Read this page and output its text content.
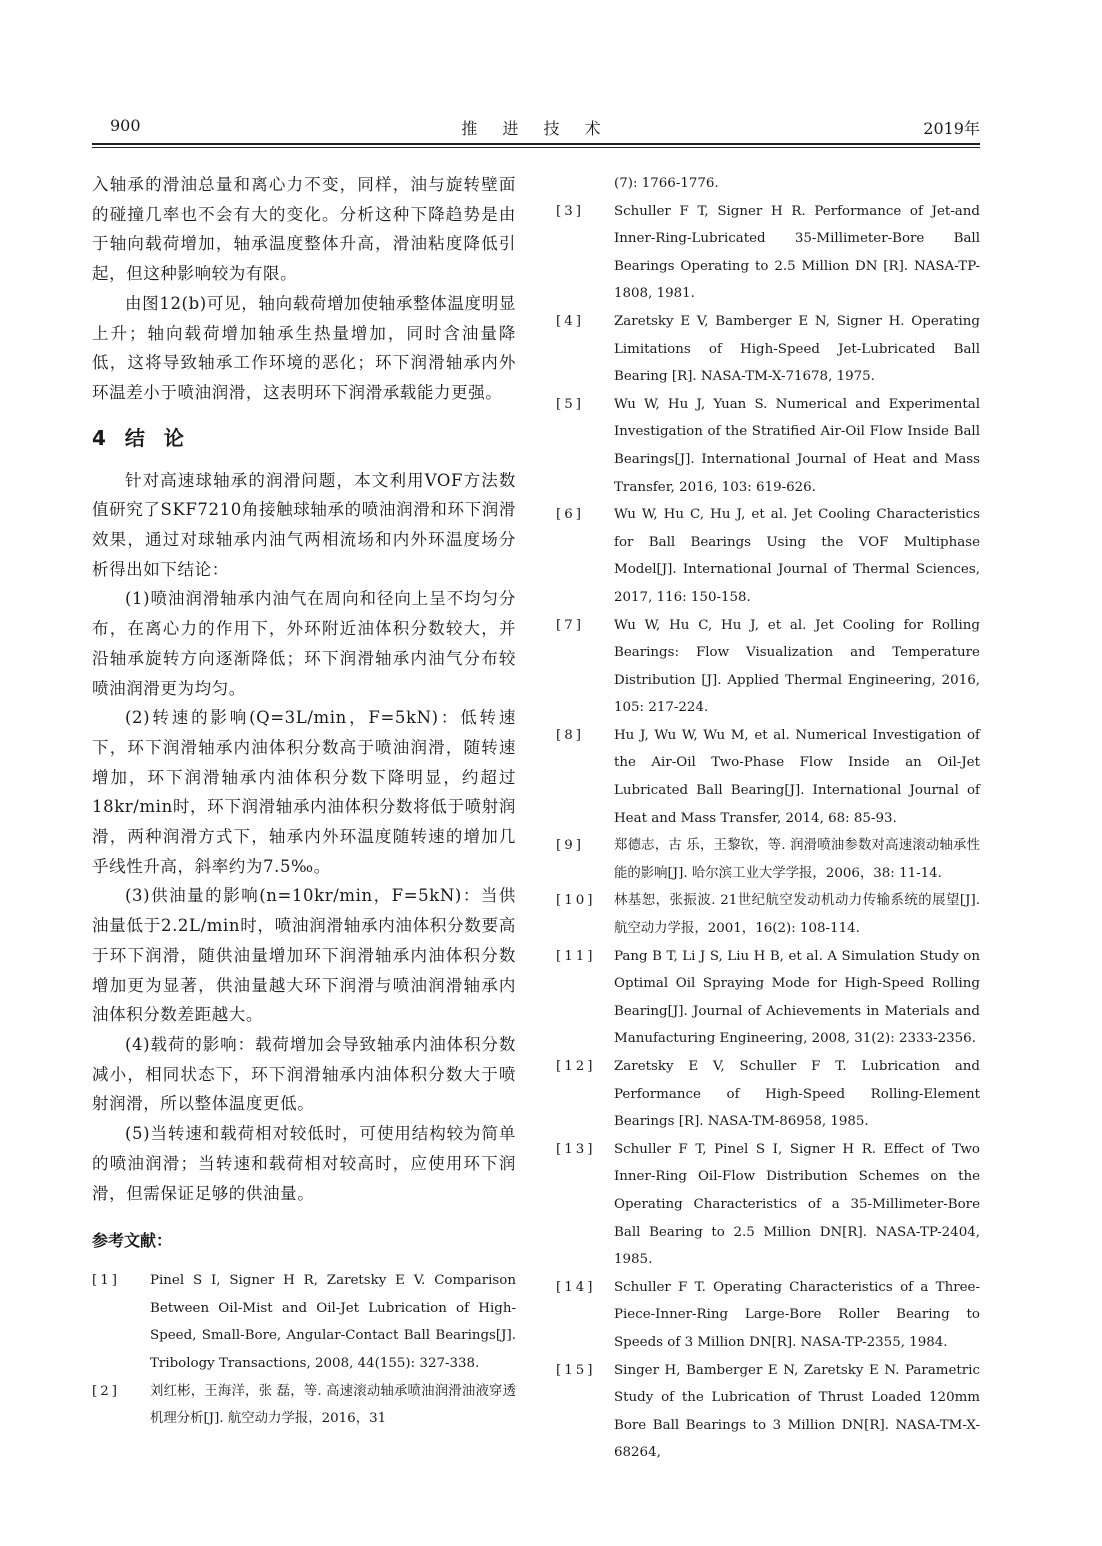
900	推 进 技 术	2019年

入轴承的滑油总量和离心力不变，同样，油与旋转壁面的碰撞几率也不会有大的变化。分析这种下降趋势是由于轴向载荷增加，轴承温度整体升高，滑油粘度降低引起，但这种影响较为有限。

由图12(b)可见，轴向载荷增加使轴承整体温度明显上升；轴向载荷增加轴承生热量增加，同时含油量降低，这将导致轴承工作环境的恶化；环下润滑轴承内外环温差小于喷油润滑，这表明环下润滑承载能力更强。

4 结 论

针对高速球轴承的润滑问题，本文利用VOF方法数值研究了SKF7210角接触球轴承的喷油润滑和环下润滑效果，通过对球轴承内油气两相流场和内外环温度场分析得出如下结论：

(1)喷油润滑轴承内油气在周向和径向上呈不均匀分布，在离心力的作用下，外环附近油体积分数较大，并沿轴承旋转方向逐渐降低；环下润滑轴承内油气分布较喷油润滑更为均匀。

(2)转速的影响(Q=3L/min，F=5kN)：低转速下，环下润滑轴承内油体积分数高于喷油润滑，随转速增加，环下润滑轴承内油体积分数下降明显，约超过18kr/min时，环下润滑轴承内油体积分数将低于喷射润滑，两种润滑方式下，轴承内外环温度随转速的增加几乎线性升高，斜率约为7.5‰。

(3)供油量的影响(n=10kr/min，F=5kN)：当供油量低于2.2L/min时，喷油润滑轴承内油体积分数要高于环下润滑，随供油量增加环下润滑轴承内油体积分数增加更为显著，供油量越大环下润滑与喷油润滑轴承内油体积分数差距越大。

(4)载荷的影响：载荷增加会导致轴承内油体积分数减小，相同状态下，环下润滑轴承内油体积分数大于喷射润滑，所以整体温度更低。

(5)当转速和载荷相对较低时，可使用结构较为简单的喷油润滑；当转速和载荷相对较高时，应使用环下润滑，但需保证足够的供油量。

参考文献：
[1]	Pinel S I, Signer H R, Zaretsky E V. Comparison Between Oil-Mist and Oil-Jet Lubrication of High-Speed, Small-Bore, Angular-Contact Ball Bearings[J]. Tribology Transactions, 2008, 44(155): 327-338.
[2]	刘红彬，王海洋，张 磊，等. 高速滚动轴承喷油润滑油液穿透机理分析[J]. 航空动力学报，2016，31
(7): 1766-1776.
[3]	Schuller F T, Signer H R. Performance of Jet-and Inner-Ring-Lubricated 35-Millimeter-Bore Ball Bearings Operating to 2.5 Million DN [R]. NASA-TP-1808, 1981.
[4]	Zaretsky E V, Bamberger E N, Signer H. Operating Limitations of High-Speed Jet-Lubricated Ball Bearing [R]. NASA-TM-X-71678, 1975.
[5]	Wu W, Hu J, Yuan S. Numerical and Experimental Investigation of the Stratified Air-Oil Flow Inside Ball Bearings[J]. International Journal of Heat and Mass Transfer, 2016, 103: 619-626.
[6]	Wu W, Hu C, Hu J, et al. Jet Cooling Characteristics for Ball Bearings Using the VOF Multiphase Model[J]. International Journal of Thermal Sciences, 2017, 116: 150-158.
[7]	Wu W, Hu C, Hu J, et al. Jet Cooling for Rolling Bearings: Flow Visualization and Temperature Distribution [J]. Applied Thermal Engineering, 2016, 105: 217-224.
[8]	Hu J, Wu W, Wu M, et al. Numerical Investigation of the Air-Oil Two-Phase Flow Inside an Oil-Jet Lubricated Ball Bearing[J]. International Journal of Heat and Mass Transfer, 2014, 68: 85-93.
[9]	郑德志，古 乐，王黎钦，等. 润滑喷油参数对高速滚动轴承性能的影响[J]. 哈尔滨工业大学学报，2006，38: 11-14.
[10]	林基恕，张振波. 21世纪航空发动机动力传输系统的展望[J]. 航空动力学报，2001，16(2): 108-114.
[11]	Pang B T, Li J S, Liu H B, et al. A Simulation Study on Optimal Oil Spraying Mode for High-Speed Rolling Bearing[J]. Journal of Achievements in Materials and Manufacturing Engineering, 2008, 31(2): 2333-2356.
[12]	Zaretsky E V, Schuller F T. Lubrication and Performance of High-Speed Rolling-Element Bearings [R]. NASA-TM-86958, 1985.
[13]	Schuller F T, Pinel S I, Signer H R. Effect of Two Inner-Ring Oil-Flow Distribution Schemes on the Operating Characteristics of a 35-Millimeter-Bore Ball Bearing to 2.5 Million DN[R]. NASA-TP-2404, 1985.
[14]	Schuller F T. Operating Characteristics of a Three-Piece-Inner-Ring Large-Bore Roller Bearing to Speeds of 3 Million DN[R]. NASA-TP-2355, 1984.
[15]	Singer H, Bamberger E N, Zaretsky E N. Parametric Study of the Lubrication of Thrust Loaded 120mm Bore Ball Bearings to 3 Million DN[R]. NASA-TM-X-68264,
